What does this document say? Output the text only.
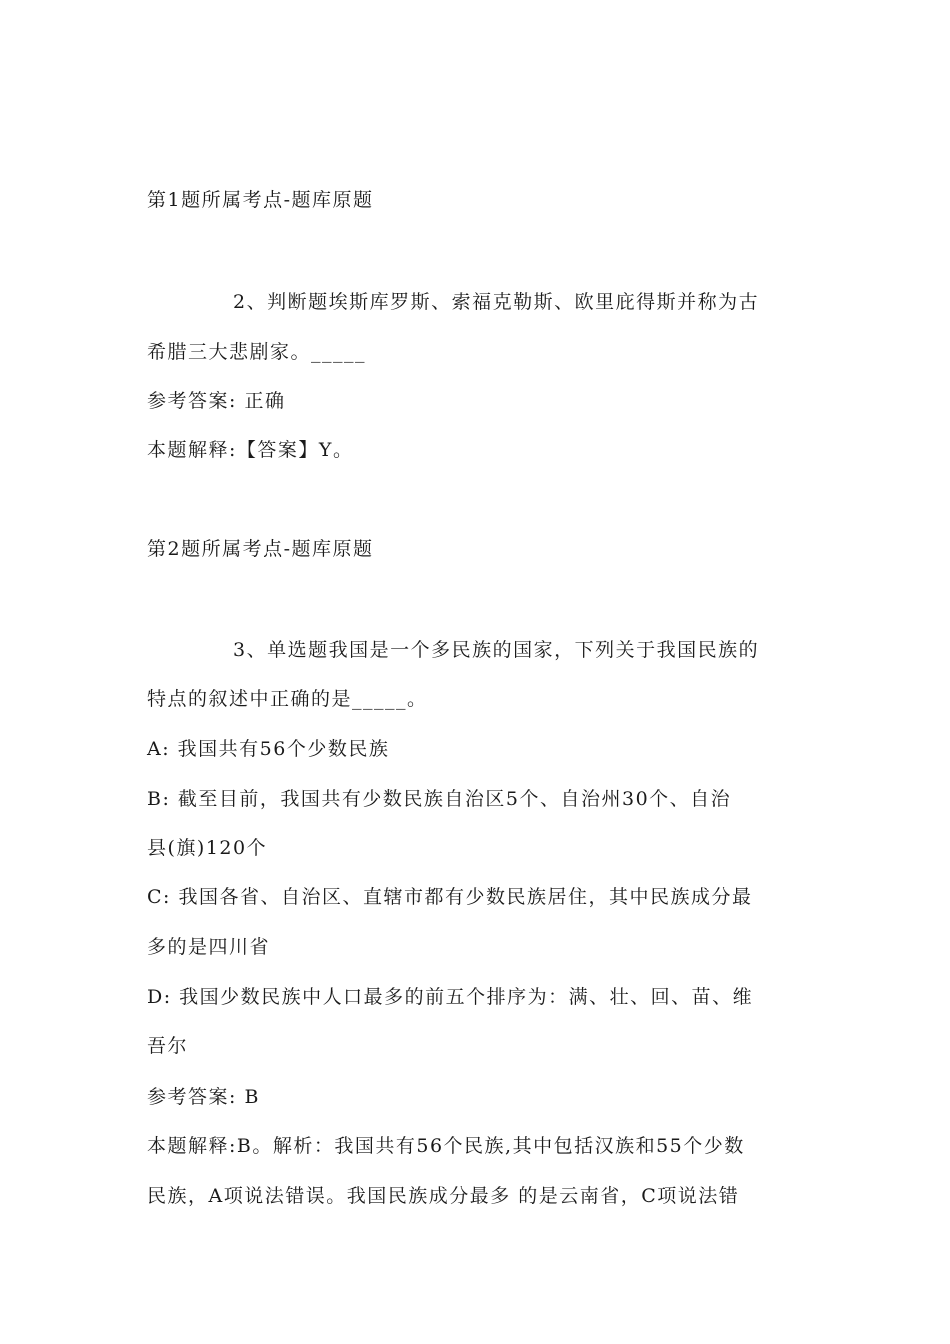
第1题所属考点-题库原题
2、判断题埃斯库罗斯、索福克勒斯、欧里庇得斯并称为古
希腊三大悲剧家。_____
参考答案: 正确
本题解释:【答案】Y。
第2题所属考点-题库原题
3、单选题我国是一个多民族的国家，下列关于我国民族的
特点的叙述中正确的是_____。
A: 我国共有56个少数民族
B: 截至目前，我国共有少数民族自治区5个、自治州30个、自治
县(旗)120个
C: 我国各省、自治区、直辖市都有少数民族居住，其中民族成分最
多的是四川省
D: 我国少数民族中人口最多的前五个排序为：满、壮、回、苗、维
吾尔
参考答案: B
本题解释:B。解析：我国共有56个民族,其中包括汉族和55个少数
民族，A项说法错误。我国民族成分最多 的是云南省，C项说法错
